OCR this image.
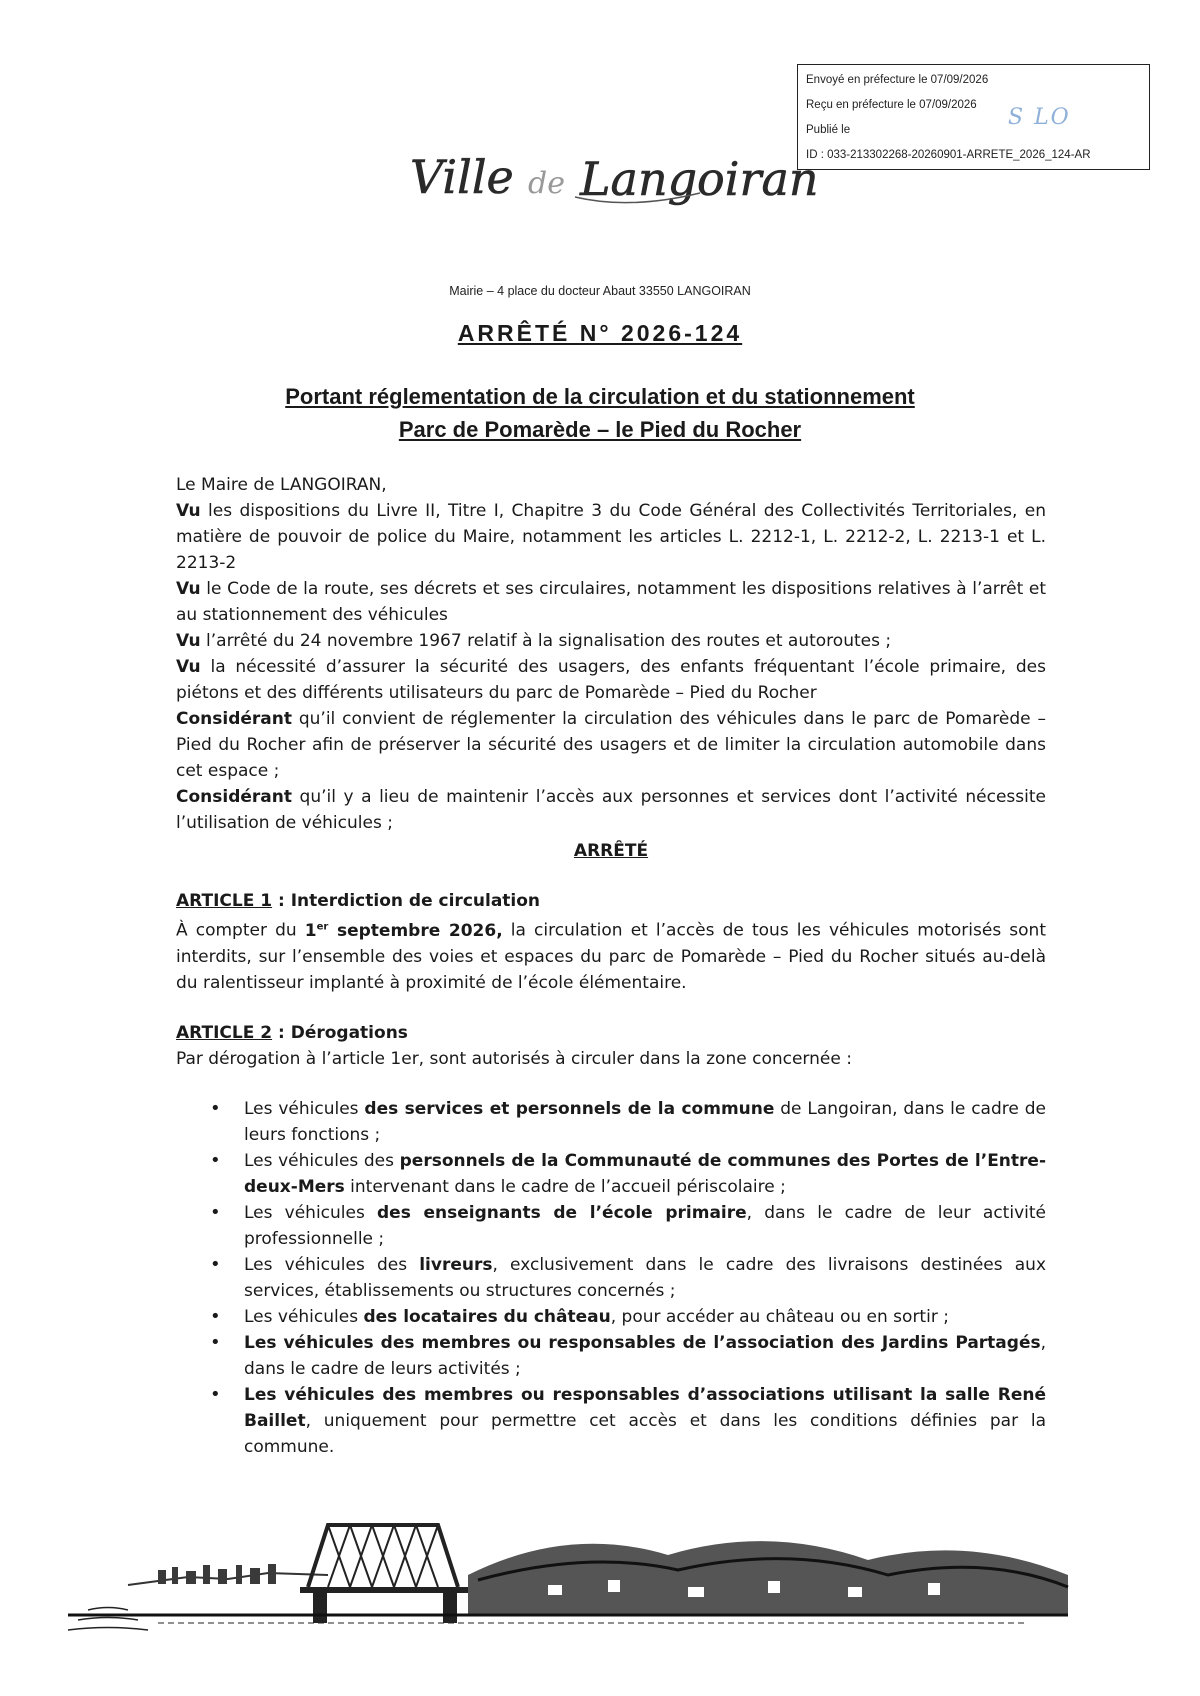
Envoyé en préfecture le 07/09/2026
Reçu en préfecture le 07/09/2026
Publié le
ID : 033-213302268-20260901-ARRETE_2026_124-AR
S LO
Ville de Langoiran
Mairie – 4 place du docteur Abaut 33550 LANGOIRAN
ARRÊTÉ N° 2026-124
Portant réglementation de la circulation et du stationnement
Parc de Pomarède – le Pied du Rocher

Le Maire de LANGOIRAN,

Vu les dispositions du Livre II, Titre I, Chapitre 3 du Code Général des Collectivités Territoriales, en matière de pouvoir de police du Maire, notamment les articles L. 2212-1, L. 2212-2, L. 2213-1 et L. 2213-2

Vu le Code de la route, ses décrets et ses circulaires, notamment les dispositions relatives à l’arrêt et au stationnement des véhicules

Vu l’arrêté du 24 novembre 1967 relatif à la signalisation des routes et autoroutes ;

Vu la nécessité d’assurer la sécurité des usagers, des enfants fréquentant l’école primaire, des piétons et des différents utilisateurs du parc de Pomarède – Pied du Rocher

Considérant qu’il convient de réglementer la circulation des véhicules dans le parc de Pomarède – Pied du Rocher afin de préserver la sécurité des usagers et de limiter la circulation automobile dans cet espace ;

Considérant qu’il y a lieu de maintenir l’accès aux personnes et services dont l’activité nécessite l’utilisation de véhicules ;

ARRÊTÉ

ARTICLE 1 : Interdiction de circulation

À compter du 1er septembre 2026, la circulation et l’accès de tous les véhicules motorisés sont interdits, sur l’ensemble des voies et espaces du parc de Pomarède – Pied du Rocher situés au-delà du ralentisseur implanté à proximité de l’école élémentaire.

ARTICLE 2 : Dérogations

Par dérogation à l’article 1er, sont autorisés à circuler dans la zone concernée :

• Les véhicules des services et personnels de la commune de Langoiran, dans le cadre de leurs fonctions ;
• Les véhicules des personnels de la Communauté de communes des Portes de l’Entre-deux-Mers intervenant dans le cadre de l’accueil périscolaire ;
• Les véhicules des enseignants de l’école primaire, dans le cadre de leur activité professionnelle ;
• Les véhicules des livreurs, exclusivement dans le cadre des livraisons destinées aux services, établissements ou structures concernés ;
• Les véhicules des locataires du château, pour accéder au château ou en sortir ;
• Les véhicules des membres ou responsables de l’association des Jardins Partagés, dans le cadre de leurs activités ;
• Les véhicules des membres ou responsables d’associations utilisant la salle René Baillet, uniquement pour permettre cet accès et dans les conditions définies par la commune.
